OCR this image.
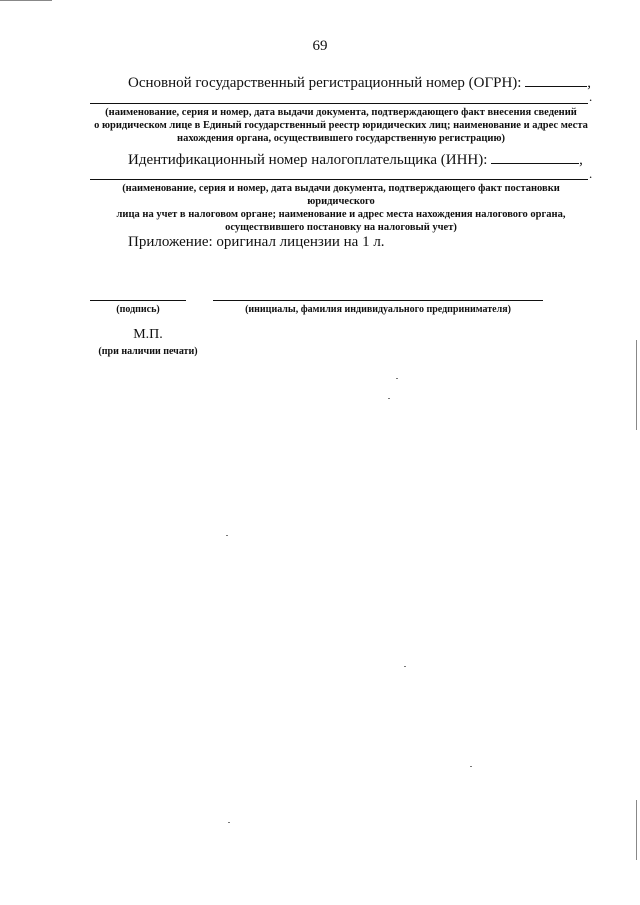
69
Основной государственный регистрационный номер (ОГРН):	,
.
(наименование, серия и номер, дата выдачи документа, подтверждающего факт внесения сведений
о юридическом лице в Единый государственный реестр юридических лиц; наименование и адрес места
нахождения органа, осуществившего государственную регистрацию)
Идентификационный номер налогоплательщика (ИНН):	,
.
(наименование, серия и номер, дата выдачи документа, подтверждающего факт постановки юридического
лица на учет в налоговом органе; наименование и адрес места нахождения налогового органа,
осуществившего постановку на налоговый учет)
Приложение: оригинал лицензии на 1 л.
(подпись)	(инициалы, фамилия индивидуального предпринимателя)
М.П.
(при наличии печати)
